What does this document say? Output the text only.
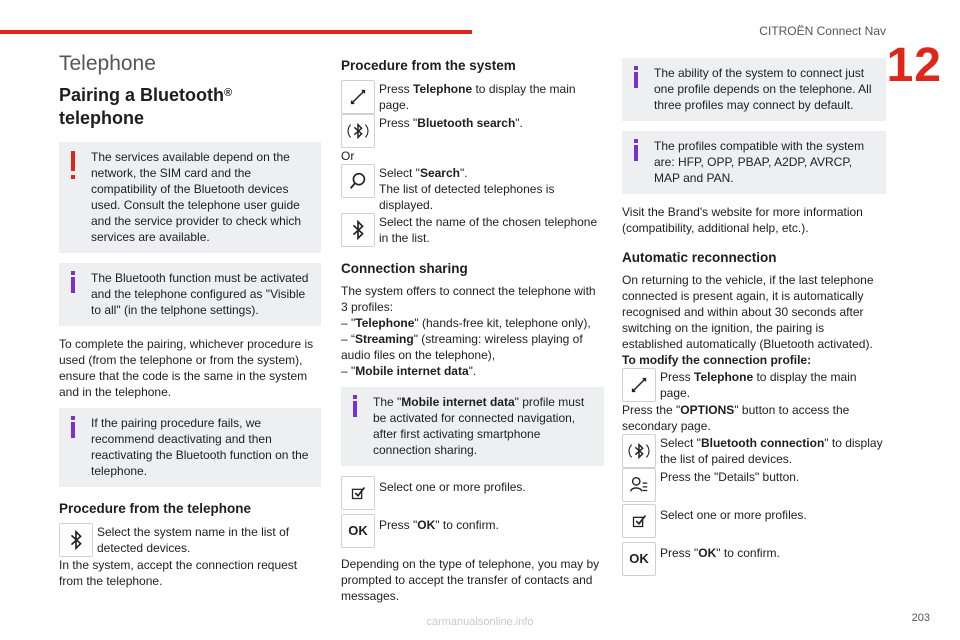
CITROËN Connect Nav
12
Telephone
Pairing a Bluetooth®
telephone
The services available depend on the network, the SIM card and the compatibility of the Bluetooth devices used. Consult the telephone user guide and the service provider to check which services are available.
The Bluetooth function must be activated and the telephone configured as "Visible to all" (in the telphone settings).

To complete the pairing, whichever procedure is used (from the telephone or from the system), ensure that the code is the same in the system and in the telephone.

If the pairing procedure fails, we recommend deactivating and then reactivating the Bluetooth function on the telephone.
Procedure from the telephone
Select the system name in the list of detected devices.

In the system, accept the connection request from the telephone.

Procedure from the system
Press Telephone to display the main page.
Press "Bluetooth search".
Or
Select "Search".
The list of detected telephones is displayed.
Select the name of the chosen telephone in the list.
Connection sharing

The system offers to connect the telephone with 3 profiles:

– "Telephone" (hands-free kit, telephone only),
– “Streaming" (streaming: wireless playing of audio files on the telephone),
– "Mobile internet data".
The "Mobile internet data" profile must be activated for connected navigation, after first activating smartphone connection sharing.
Select one or more profiles.
OK Press "OK" to confirm.

Depending on the type of telephone, you may by prompted to accept the transfer of contacts and messages.

The ability of the system to connect just one profile depends on the telephone. All three profiles may connect by default.
The profiles compatible with the system are: HFP, OPP, PBAP, A2DP, AVRCP, MAP and PAN.

Visit the Brand's website for more information (compatibility, additional help, etc.).

Automatic reconnection

On returning to the vehicle, if the last telephone connected is present again, it is automatically recognised and within about 30 seconds after switching on the ignition, the pairing is established automatically (Bluetooth activated).

To modify the connection profile:
Press Telephone to display the main page.
Press the "OPTIONS" button to access the secondary page.
Select "Bluetooth connection" to display the list of paired devices.
Press the "Details" button.
Select one or more profiles.
OK Press "OK" to confirm.
carmanualsonline.info	203
